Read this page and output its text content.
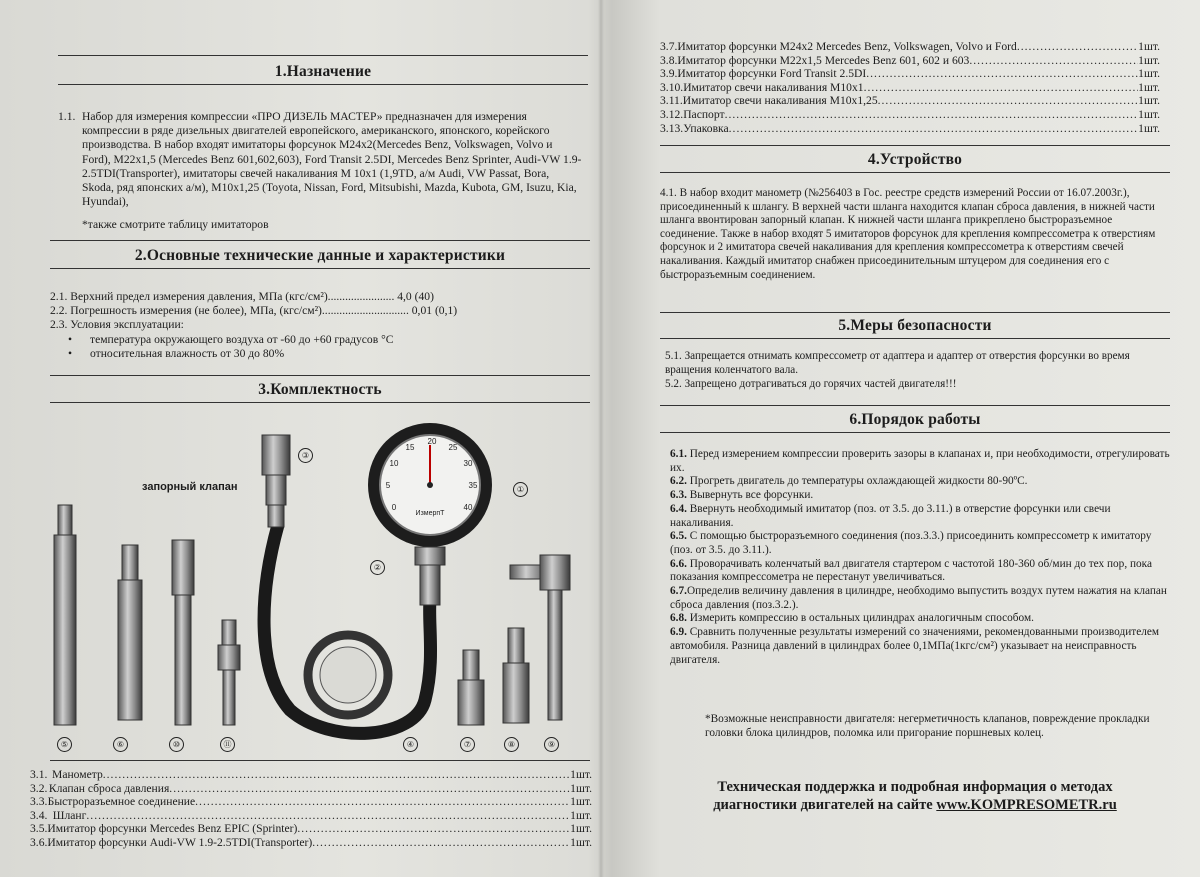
1.Назначение
1.1. Набор для измерения компрессии «ПРО ДИЗЕЛЬ МАСТЕР» предназначен для измерения компрессии в ряде дизельных двигателей европейского, американского, японского, корейского производства. В набор входят имитаторы форсунок M24x2(Mercedes Benz, Volkswagen, Volvo и Ford), M22x1,5 (Mercedes Benz 601,602,603), Ford Transit 2.5DI, Mercedes Benz Sprinter, Audi-VW 1.9-2.5TDI(Transporter), имитаторы свечей накаливания M 10x1 (1,9TD, а/м Audi, VW Passat, Bora, Skoda, ряд японских а/м), M10x1,25 (Toyota, Nissan, Ford, Mitsubishi, Mazda, Kubota, GM, Isuzu, Kia, Hyundai),
*также смотрите таблицу имитаторов
2.Основные технические данные и характеристики
2.1. Верхний предел измерения давления, МПа (кгс/см²)....................... 4,0 (40)
2.2. Погрешность измерения (не более), МПа, (кгс/см²).............................. 0,01 (0,1)
2.3. Условия эксплуатации:
• температура окружающего воздуха от -60 до +60 градусов °С
• относительная влажность от 30 до 80%
3.Комплектность
0
5
10
15
20
25
30
35
40
ИзмерпТ
запорный клапан	①
②
③
④
⑤	⑥	⑦	⑧	⑨
⑩	⑪
3.1. Манометр .....	1шт.
3.2. Клапан сброса давления .....	1шт.
3.3. Быстроразъемное соединение .....	1шт.
3.4. Шланг .....	1шт.
3.5. Имитатор форсунки Mercedes Benz EPIC (Sprinter) .....	1шт.
3.6. Имитатор форсунки Audi-VW 1.9-2.5TDI(Transporter) .....	1шт.
3.7. Имитатор форсунки M24x2 Mercedes Benz, Volkswagen, Volvo и Ford .....	1шт.
3.8. Имитатор форсунки M22x1,5 Mercedes Benz 601, 602 и 603 .....	1шт.
3.9. Имитатор форсунки Ford Transit 2.5DI .....	1шт.
3.10. Имитатор свечи накаливания M10x1 .....	1шт.
3.11. Имитатор свечи накаливания M10x1,25 .....	1шт.
3.12. Паспорт .....	1шт.
3.13. Упаковка .....	1шт.
4.Устройство
4.1. В набор входит манометр (№256403 в Гос. реестре средств измерений России от 16.07.2003г.), присоединенный к шлангу. В верхней части шланга находится клапан сброса давления, в нижней части шланга ввонтирован запорный клапан. К нижней части шланга прикреплено быстроразъемное соединение. Также в набор входят 5 имитаторов форсунок для крепления компрессометра к отверстиям форсунок и 2 имитатора свечей накаливания для крепления компрессометра к отверстиям свечей накаливания. Каждый имитатор снабжен присоединительным штуцером для соединения его с быстроразъемным соединением.
5.Меры безопасности
5.1. Запрещается отнимать компрессометр от адаптера и адаптер от отверстия форсунки во время вращения коленчатого вала.
5.2. Запрещено дотрагиваться до горячих частей двигателя!!!
6.Порядок работы
6.1. Перед измерением компрессии проверить зазоры в клапанах и, при необходимости, отрегулировать их.
6.2. Прогреть двигатель до температуры охлаждающей жидкости 80-90ºС.
6.3. Вывернуть все форсунки.
6.4. Ввернуть необходимый имитатор (поз. от 3.5. до 3.11.) в отверстие форсунки или свечи накаливания.
6.5. С помощью быстроразъемного соединения (поз.3.3.) присоединить компрессометр к имитатору (поз. от 3.5. до 3.11.).
6.6. Проворачивать коленчатый вал двигателя стартером с частотой 180-360 об/мин до тех пор, пока показания компрессометра не перестанут увеличиваться.
6.7.Определив величину давления в цилиндре, необходимо выпустить воздух путем нажатия на клапан сброса давления (поз.3.2.).
6.8. Измерить компрессию в остальных цилиндрах аналогичным способом.
6.9. Сравнить полученные результаты измерений со значениями, рекомендованными производителем автомобиля. Разница давлений в цилиндрах более 0,1МПа(1кгс/см²) указывает на неисправность двигателя.
*Возможные неисправности двигателя: негерметичность клапанов, повреждение прокладки головки блока цилиндров, поломка или пригорание поршневых колец.
Техническая поддержка и подробная информация о методах
диагностики двигателей на сайте www.KOMPRESOMETR.ru
